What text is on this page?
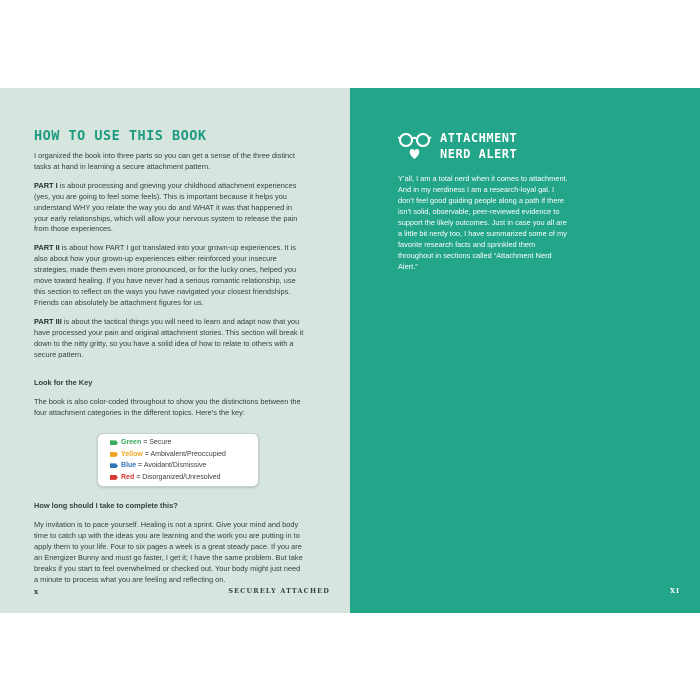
HOW TO USE THIS BOOK

I organized the book into three parts so you can get a sense of the three distinct tasks at hand in learning a secure attachment pattern.

PART I is about processing and grieving your childhood attachment experiences (yes, you are going to feel some feels). This is important because it helps you understand WHY you relate the way you do and WHAT it was that happened in your early relationships, which will allow your nervous system to release the pain from those experiences.

PART II is about how PART I got translated into your grown-up experiences. It is also about how your grown-up experiences either reinforced your insecure strategies, made them even more pronounced, or for the lucky ones, helped you move toward healing. If you have never had a serious romantic relationship, use this section to reflect on the ways you have navigated your closest friendships. Friends can absolutely be attachment figures for us.

PART III is about the tactical things you will need to learn and adapt now that you have processed your pain and original attachment stories. This section will break it down to the nitty gritty, so you have a solid idea of how to relate to others with a secure pattern.

Look for the Key

The book is also color-coded throughout to show you the distinctions between the four attachment categories in the different topics. Here’s the key:

Green = Secure
Yellow = Ambivalent/Preoccupied
Blue = Avoidant/Dismissive
Red = Disorganized/Unresolved

How long should I take to complete this?

My invitation is to pace yourself. Healing is not a sprint. Give your mind and body time to catch up with the ideas you are learning and the work you are putting in to apply them to your life. Four to six pages a week is a great steady pace. If you are an Energizer Bunny and must go faster, I get it; I have the same problem. But take breaks if you start to feel overwhelmed or checked out. Your body might just need a minute to process what you are feeling and reflecting on.

x	SECURELY ATTACHED
ATTACHMENT
NERD ALERT

Y’all, I am a total nerd when it comes to attachment. And in my nerdiness I am a research-loyal gal. I don’t feel good guiding people along a path if there isn’t solid, observable, peer-reviewed evidence to support the likely outcomes. Just in case you all are a little bit nerdy too, I have summarized some of my favorite research facts and sprinkled them throughout in sections called “Attachment Nerd Alert.”

XI
